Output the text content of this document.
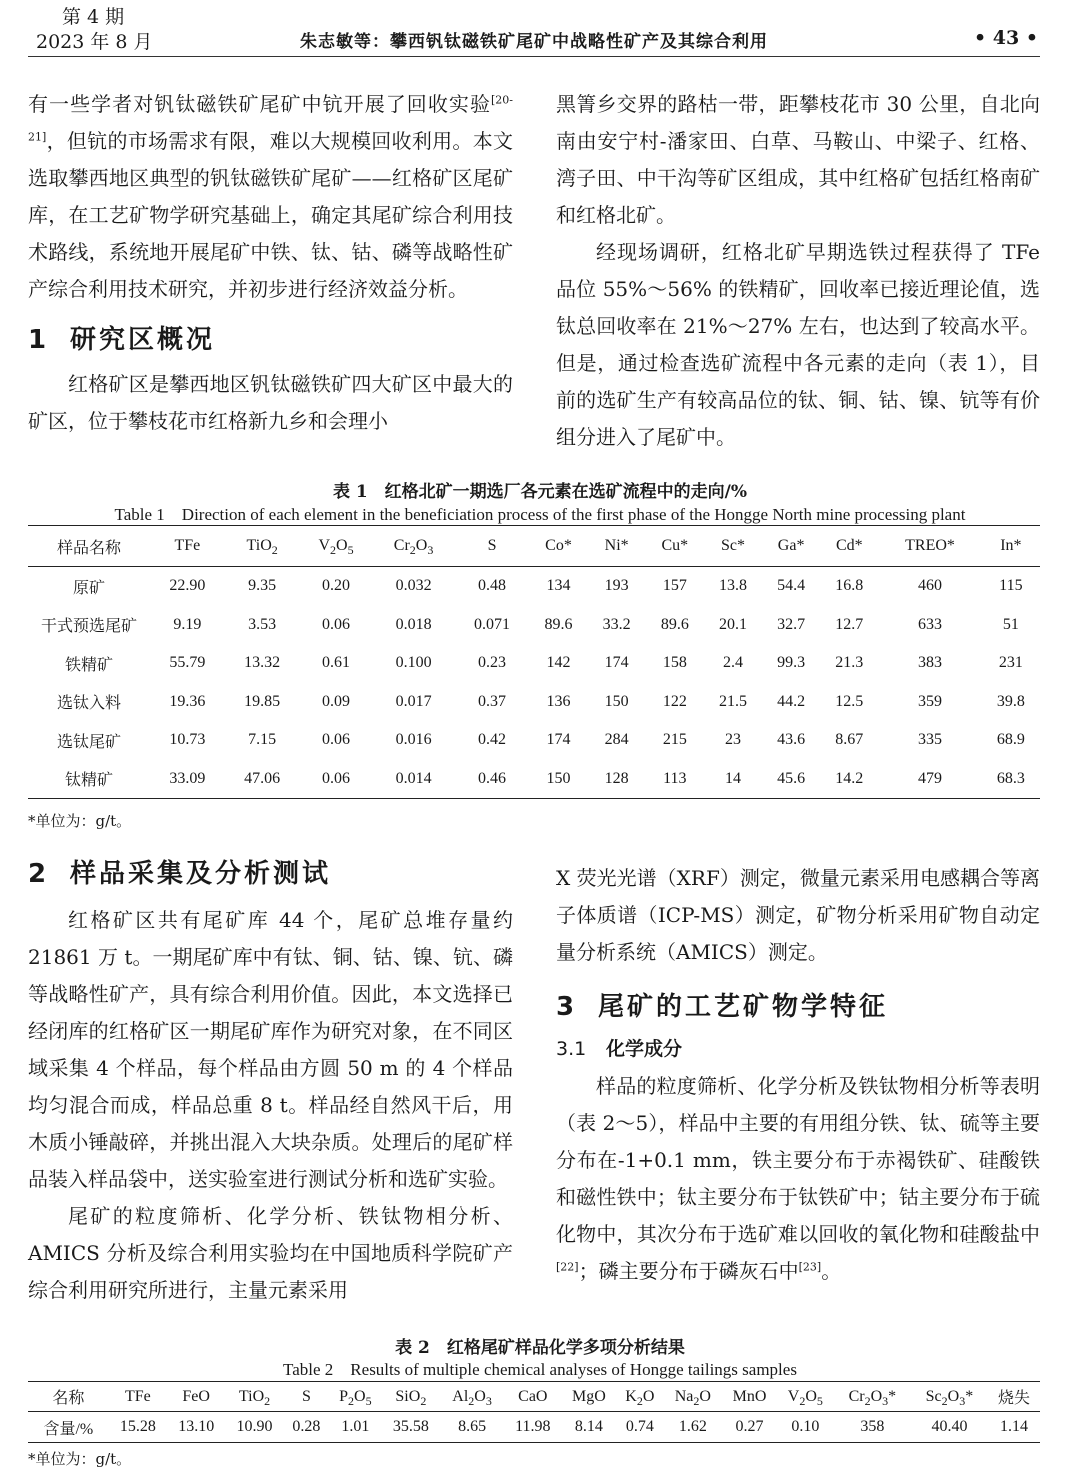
第 4 期
2023 年 8 月	朱志敏等：攀西钒钛磁铁矿尾矿中战略性矿产及其综合利用	• 43 •

有一些学者对钒钛磁铁矿尾矿中钪开展了回收实验[20-21]，但钪的市场需求有限，难以大规模回收利用。本文选取攀西地区典型的钒钛磁铁矿尾矿——红格矿区尾矿库，在工艺矿物学研究基础上，确定其尾矿综合利用技术路线，系统地开展尾矿中铁、钛、钴、磷等战略性矿产综合利用技术研究，并初步进行经济效益分析。

1 研究区概况

红格矿区是攀西地区钒钛磁铁矿四大矿区中最大的矿区，位于攀枝花市红格新九乡和会理小

黑箐乡交界的路枯一带，距攀枝花市 30 公里，自北向南由安宁村-潘家田、白草、马鞍山、中梁子、红格、湾子田、中干沟等矿区组成，其中红格矿包括红格南矿和红格北矿。

经现场调研，红格北矿早期选铁过程获得了 TFe 品位 55%～56% 的铁精矿，回收率已接近理论值，选钛总回收率在 21%～27% 左右，也达到了较高水平。但是，通过检查选矿流程中各元素的走向（表 1），目前的选矿生产有较高品位的钛、铜、钴、镍、钪等有价组分进入了尾矿中。

表 1　红格北矿一期选厂各元素在选矿流程中的走向/%
Table 1　Direction of each element in the beneficiation process of the first phase of the Hongge North mine processing plant
样品名称	TFe	TiO$_2$	$V_2O_5$	$Cr_2O_3$	S	Co*	Ni*	Cu*	Sc*	Ga*	Cd*	TREO*	In*
原矿	22.90	9.35	0.20	0.032	0.48	134	193	157	13.8	54.4	16.8	460	115
干式预选尾矿	9.19	3.53	0.06	0.018	0.071	89.6	33.2	89.6	20.1	32.7	12.7	633	51
铁精矿	55.79	13.32	0.61	0.100	0.23	142	174	158	2.4	99.3	21.3	383	231
选钛入料	19.36	19.85	0.09	0.017	0.37	136	150	122	21.5	44.2	12.5	359	39.8
选钛尾矿	10.73	7.15	0.06	0.016	0.42	174	284	215	23	43.6	8.67	335	68.9
钛精矿	33.09	47.06	0.06	0.014	0.46	150	128	113	14	45.6	14.2	479	68.3
*单位为：g/t。
2 样品采集及分析测试

红格矿区共有尾矿库 44 个，尾矿总堆存量约 21861 万 t。一期尾矿库中有钛、铜、钴、镍、钪、磷等战略性矿产，具有综合利用价值。因此，本文选择已经闭库的红格矿区一期尾矿库作为研究对象，在不同区域采集 4 个样品，每个样品由方圆 50 m 的 4 个样品均匀混合而成，样品总重 8 t。样品经自然风干后，用木质小锤敲碎，并挑出混入大块杂质。处理后的尾矿样品装入样品袋中，送实验室进行测试分析和选矿实验。

尾矿的粒度筛析、化学分析、铁钛物相分析、AMICS 分析及综合利用实验均在中国地质科学院矿产综合利用研究所进行，主量元素采用

X 荧光光谱（XRF）测定，微量元素采用电感耦合等离子体质谱（ICP-MS）测定，矿物分析采用矿物自动定量分析系统（AMICS）测定。

3 尾矿的工艺矿物学特征
3.1 化学成分

样品的粒度筛析、化学分析及铁钛物相分析等表明（表 2～5），样品中主要的有用组分铁、钛、硫等主要分布在-1+0.1 mm，铁主要分布于赤褐铁矿、硅酸铁和磁性铁中；钛主要分布于钛铁矿中；钴主要分布于硫化物中，其次分布于选矿难以回收的氧化物和硅酸盐中[22]；磷主要分布于磷灰石中[23]。

表 2　红格尾矿样品化学多项分析结果
Table 2　Results of multiple chemical analyses of Hongge tailings samples
名称	TFe	FeO	TiO$_2$	S	$P_2O_5$	SiO$_2$	$Al_2O_3$	CaO	MgO	$K_2O$	$Na_2O$	MnO	$V_2O_5$	$Cr_2O_3*$	$Sc_2O_3*$	烧失
含量/%	15.28	13.10	10.90	0.28	1.01	35.58	8.65	11.98	8.14	0.74	1.62	0.27	0.10	358	40.40	1.14
*单位为：g/t。
